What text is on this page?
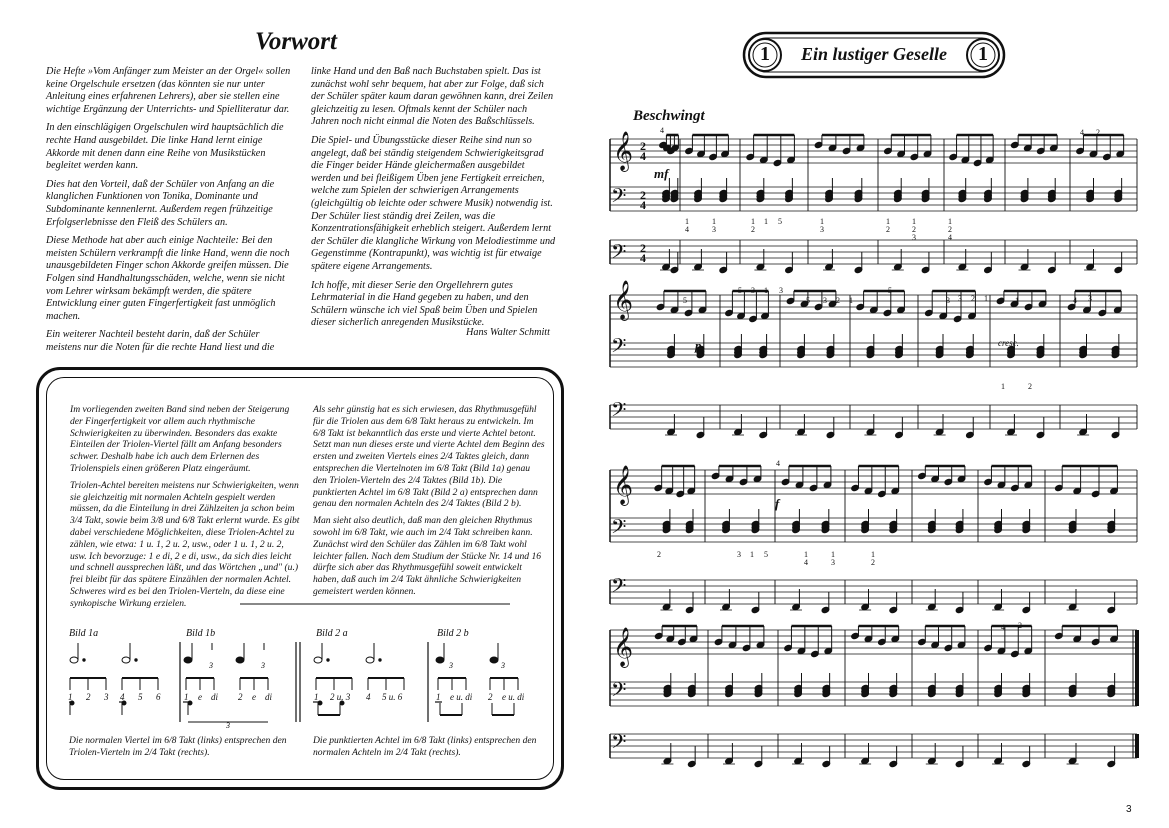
Vorwort

Die Hefte »Vom Anfänger zum Meister an der Orgel« sollen keine Orgelschule ersetzen (das könnten sie nur unter Anleitung eines erfahrenen Lehrers), aber sie stellen eine wichtige Ergänzung der Unterrichts- und Spielliteratur dar.

In den einschlägigen Orgelschulen wird hauptsächlich die rechte Hand ausgebildet. Die linke Hand lernt einige Akkorde mit denen dann eine Reihe von Musikstücken begleitet werden kann.

Dies hat den Vorteil, daß der Schüler von Anfang an die klanglichen Funktionen von Tonika, Dominante und Subdominante kennenlernt. Außerdem regen frühzeitige Erfolgserlebnisse den Fleiß des Schülers an.

Diese Methode hat aber auch einige Nachteile: Bei den meisten Schülern verkrampft die linke Hand, wenn die noch unausgebildeten Finger schon Akkorde greifen müssen. Die Folgen sind Handhaltungsschäden, welche, wenn sie nicht vom Lehrer wirksam bekämpft werden, die spätere Entwicklung einer guten Fingerfertigkeit fast unmöglich machen.

Ein weiterer Nachteil besteht darin, daß der Schüler meistens nur die Noten für die rechte Hand liest und die

linke Hand und den Baß nach Buchstaben spielt. Das ist zunächst wohl sehr bequem, hat aber zur Folge, daß sich der Schüler später kaum daran gewöhnen kann, drei Zeilen gleichzeitig zu lesen. Oftmals kennt der Schüler nach Jahren noch nicht einmal die Noten des Baßschlüssels.

Die Spiel- und Übungsstücke dieser Reihe sind nun so angelegt, daß bei ständig steigendem Schwierigkeitsgrad die Finger beider Hände gleichermaßen ausgebildet werden und bei fleißigem Üben jene Fertigkeit erreichen, welche zum Spielen der schwierigen Arrangements (gleichgültig ob leichte oder schwere Musik) notwendig ist. Der Schüler liest ständig drei Zeilen, was die Konzentrationsfähigkeit erheblich steigert. Außerdem lernt der Schüler die klangliche Wirkung von Melodiestimme und Gegenstimme (Kontrapunkt), was wichtig ist für etwaige spätere eigene Arrangements.

Ich hoffe, mit dieser Serie den Orgellehrern gutes Lehrmaterial in die Hand gegeben zu haben, und den Schülern wünsche ich viel Spaß beim Üben und Spielen dieser sicherlich anregenden Musikstücke.

Hans Walter Schmitt

Im vorliegenden zweiten Band sind neben der Steigerung der Fingerfertigkeit vor allem auch rhythmische Schwierigkeiten zu überwinden. Besonders das exakte Einteilen der Triolen-Viertel fällt am Anfang besonders schwer. Deshalb habe ich auch dem Erlernen des Triolenspiels einen größeren Platz eingeräumt.

Triolen-Achtel bereiten meistens nur Schwierigkeiten, wenn sie gleichzeitig mit normalen Achteln gespielt werden müssen, da die Einteilung in drei Zählzeiten ja schon beim 3/4 Takt, sowie beim 3/8 und 6/8 Takt erlernt wurde. Es gibt dabei verschiedene Möglichkeiten, diese Triolen-Achtel zu zählen, wie etwa: 1 u. 1, 2 u. 2, usw., oder 1 u. 1, 2 u. 2, usw. Ich bevorzuge: 1 e di, 2 e di, usw., da sich dies leicht und schnell aussprechen läßt, und das Wörtchen „und" (u.) frei bleibt für das spätere Einzählen der normalen Achtel. Schweres wird es bei den Triolen-Vierteln, da diese eine synkopische Wirkung erzielen.

Als sehr günstig hat es sich erwiesen, das Rhythmusgefühl für die Triolen aus dem 6/8 Takt heraus zu entwickeln. Im 6/8 Takt ist bekanntlich das erste und vierte Achtel betont. Setzt man nun dieses erste und vierte Achtel dem Beginn des ersten und zweiten Viertels eines 2/4 Taktes gleich, dann entsprechen die Viertelnoten im 6/8 Takt (Bild 1a) genau den Triolen-Vierteln des 2/4 Taktes (Bild 1b). Die punktierten Achtel im 6/8 Takt (Bild 2 a) entsprechen dann genau den normalen Achteln des 2/4 Taktes (Bild 2 b).

Man sieht also deutlich, daß man den gleichen Rhythmus sowohl im 6/8 Takt, wie auch im 2/4 Takt schreiben kann. Zunächst wird den Schüler das Zählen im 6/8 Takt wohl leichter fallen. Nach dem Studium der Stücke Nr. 14 und 16 dürfte sich aber das Rhythmusgefühl soweit entwickelt haben, daß auch im 2/4 Takt ähnliche Schwierigkeiten gemeistert werden können.

Bild 1a	Bild 1b	Bild 2 a	Bild 2 b
Die normalen Viertel im 6/8 Takt (links) entsprechen den Triolen-Vierteln im 2/4 Takt (rechts).
Die punktierten Achtel im 6/8 Takt (links) entsprechen den normalen Achteln im 2/4 Takt (rechts).
3	3
3
3	3
1 2 3 4 5 6	1 e di 2 e di	1 2 u. 3 4 5 u. 6	1 e u. di 2 e u. di
1	Ein lustiger Geselle	1
Beschwingt
𝄞
𝄢
𝄢
𝄞
𝄢
𝄢
𝄞
𝄢
𝄢
𝄞
𝄢
𝄢
2
4
2
4
2
4
mf
p	cresc.
f
4	4 2
1
4
1
3
1
2
1 5	1
3
1
2
1
2
3
1
2
4
5
5 3 1 3
5 3 2 1
5
3 3 2 1 2 1	4 3
1	2
4
2	3 1 5	1
4
1
3
1
2
4 2
3
